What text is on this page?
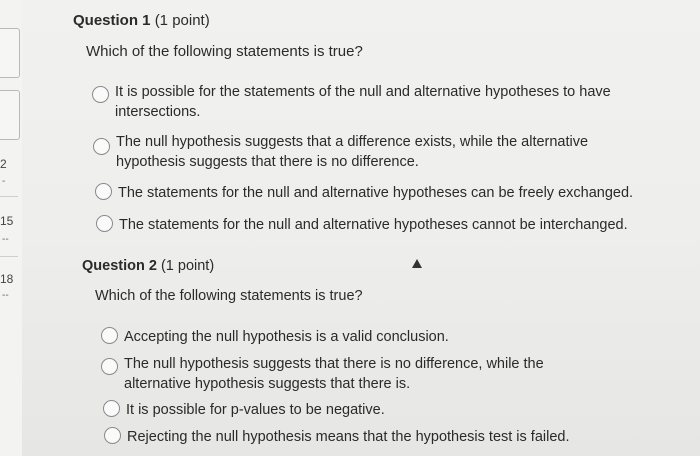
2
-
15
--
18
--
Question 1 (1 point)
Which of the following statements is true?
It is possible for the statements of the null and alternative hypotheses to have intersections.
The null hypothesis suggests that a difference exists, while the alternative hypothesis suggests that there is no difference.
The statements for the null and alternative hypotheses can be freely exchanged.
The statements for the null and alternative hypotheses cannot be interchanged.
Question 2 (1 point)
Which of the following statements is true?
Accepting the null hypothesis is a valid conclusion.
The null hypothesis suggests that there is no difference, while the alternative hypothesis suggests that there is.
It is possible for p-values to be negative.
Rejecting the null hypothesis means that the hypothesis test is failed.
